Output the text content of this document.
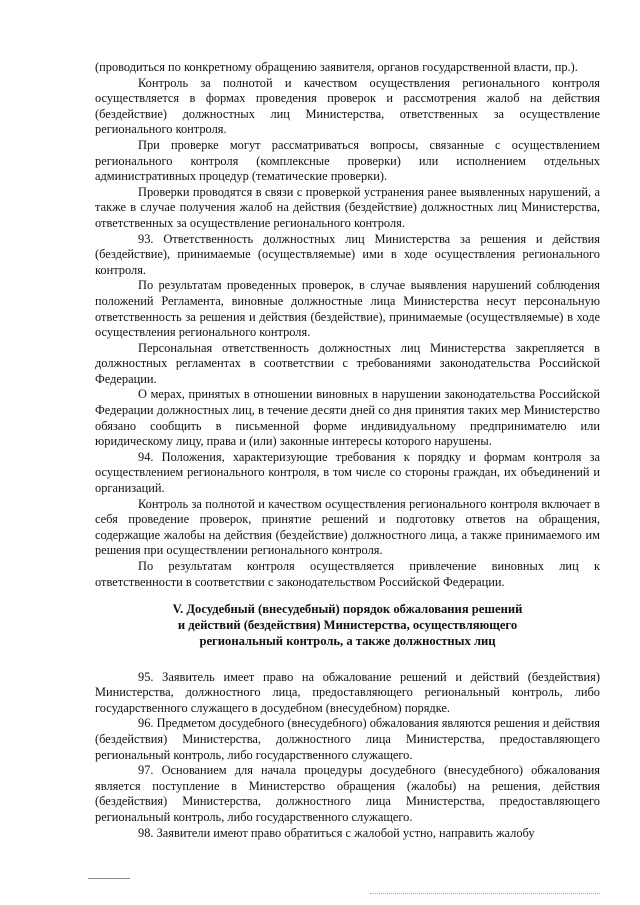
(проводиться по конкретному обращению заявителя, органов государственной власти, пр.).

Контроль за полнотой и качеством осуществления регионального контроля осуществляется в формах проведения проверок и рассмотрения жалоб на действия (бездействие) должностных лиц Министерства, ответственных за осуществление регионального контроля.

При проверке могут рассматриваться вопросы, связанные с осуществлением регионального контроля (комплексные проверки) или исполнением отдельных административных процедур (тематические проверки).

Проверки проводятся в связи с проверкой устранения ранее выявленных нарушений, а также в случае получения жалоб на действия (бездействие) должностных лиц Министерства, ответственных за осуществление регионального контроля.

93. Ответственность должностных лиц Министерства за решения и действия (бездействие), принимаемые (осуществляемые) ими в ходе осуществления регионального контроля.

По результатам проведенных проверок, в случае выявления нарушений соблюдения положений Регламента, виновные должностные лица Министерства несут персональную ответственность за решения и действия (бездействие), принимаемые (осуществляемые) в ходе осуществления регионального контроля.

Персональная ответственность должностных лиц Министерства закрепляется в должностных регламентах в соответствии с требованиями законодательства Российской Федерации.

О мерах, принятых в отношении виновных в нарушении законодательства Российской Федерации должностных лиц, в течение десяти дней со дня принятия таких мер Министерство обязано сообщить в письменной форме индивидуальному предпринимателю или юридическому лицу, права и (или) законные интересы которого нарушены.

94. Положения, характеризующие требования к порядку и формам контроля за осуществлением регионального контроля, в том числе со стороны граждан, их объединений и организаций.

Контроль за полнотой и качеством осуществления регионального контроля включает в себя проведение проверок, принятие решений и подготовку ответов на обращения, содержащие жалобы на действия (бездействие) должностного лица, а также принимаемого им решения при осуществлении регионального контроля.

По результатам контроля осуществляется привлечение виновных лиц к ответственности в соответствии с законодательством Российской Федерации.

V. Досудебный (внесудебный) порядок обжалования решений
и действий (бездействия) Министерства, осуществляющего
региональный контроль, а также должностных лиц

95. Заявитель имеет право на обжалование решений и действий (бездействия) Министерства, должностного лица, предоставляющего региональный контроль, либо государственного служащего в досудебном (внесудебном) порядке.

96. Предметом досудебного (внесудебного) обжалования являются решения и действия (бездействия) Министерства, должностного лица Министерства, предоставляющего региональный контроль, либо государственного служащего.

97. Основанием для начала процедуры досудебного (внесудебного) обжалования является поступление в Министерство обращения (жалобы) на решения, действия (бездействия) Министерства, должностного лица Министерства, предоставляющего региональный контроль, либо государственного служащего.

98. Заявители имеют право обратиться с жалобой устно, направить жалобу
